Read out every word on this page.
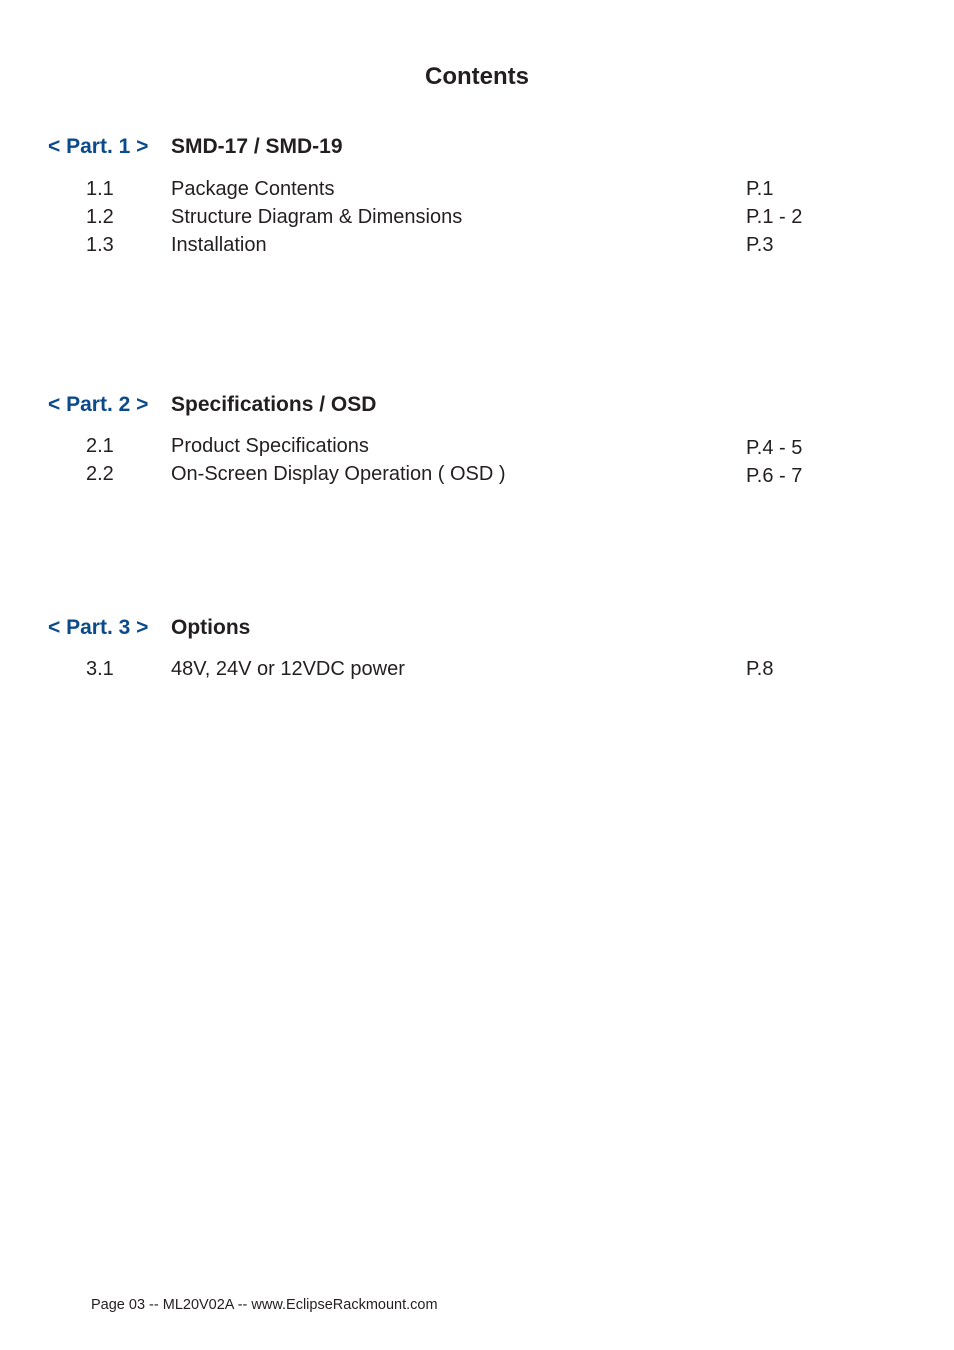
Contents
< Part. 1 > SMD-17 / SMD-19
1.1	Package Contents	P.1
1.2	Structure Diagram & Dimensions	P.1 - 2
1.3	Installation	P.3
< Part. 2 > Specifications / OSD
2.1	Product Specifications	P.4 - 5
2.2	On-Screen Display Operation ( OSD )	P.6 - 7
< Part. 3 > Options
3.1	48V, 24V or 12VDC power	P.8
Page 03 -- ML20V02A -- www.EclipseRackmount.com
